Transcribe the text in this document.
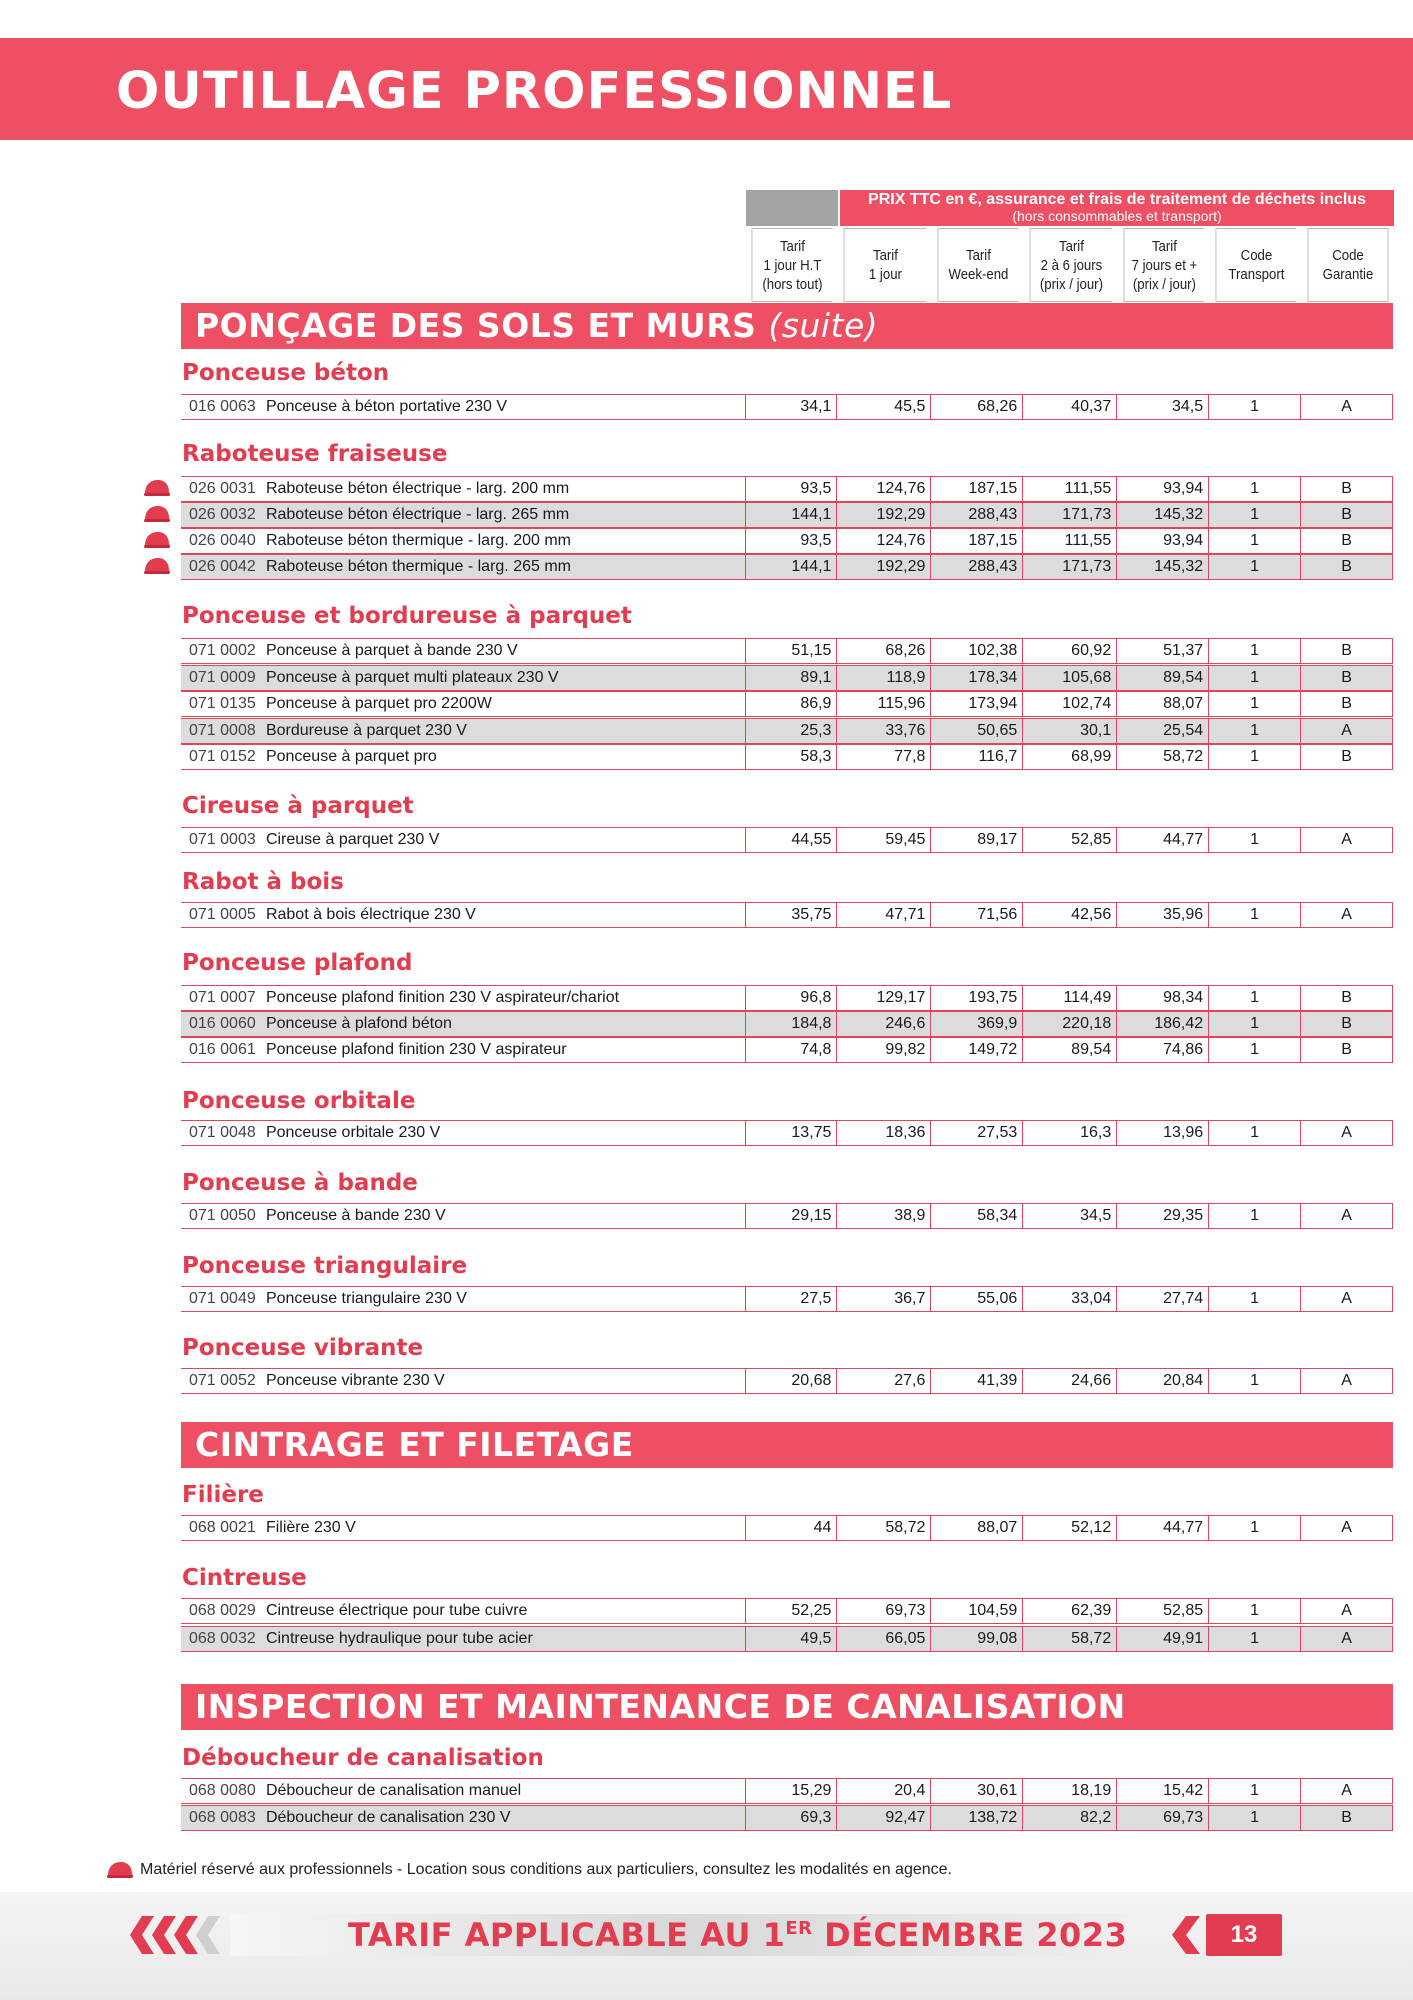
OUTILLAGE PROFESSIONNEL
PRIX TTC en €, assurance et frais de traitement de déchets inclus
(hors consommables et transport)
Tarif
1 jour H.T
(hors tout)
Tarif
1 jour
Tarif
Week-end
Tarif
2 à 6 jours
(prix / jour)
Tarif
7 jours et +
(prix / jour)
Code
Transport
Code
Garantie
PONÇAGE DES SOLS ET MURS (suite)
CINTRAGE ET FILETAGE
INSPECTION ET MAINTENANCE DE CANALISATION
Ponceuse béton
Raboteuse fraiseuse
Ponceuse et bordureuse à parquet
Cireuse à parquet
Rabot à bois
Ponceuse plafond
Ponceuse orbitale
Ponceuse à bande
Ponceuse triangulaire
Ponceuse vibrante
Filière
Cintreuse
Déboucheur de canalisation
016 0063 Ponceuse à béton portative 230 V	34,1	45,5	68,26	40,37	34,5	1	A
026 0031 Raboteuse béton électrique - larg. 200 mm	93,5	124,76	187,15	111,55	93,94	1	B
026 0032 Raboteuse béton électrique - larg. 265 mm	144,1	192,29	288,43	171,73	145,32	1	B
026 0040 Raboteuse béton thermique - larg. 200 mm	93,5	124,76	187,15	111,55	93,94	1	B
026 0042 Raboteuse béton thermique - larg. 265 mm	144,1	192,29	288,43	171,73	145,32	1	B
071 0002 Ponceuse à parquet à bande 230 V	51,15	68,26	102,38	60,92	51,37	1	B
071 0009 Ponceuse à parquet multi plateaux 230 V	89,1	118,9	178,34	105,68	89,54	1	B
071 0135 Ponceuse à parquet pro 2200W	86,9	115,96	173,94	102,74	88,07	1	B
071 0008 Bordureuse à parquet 230 V	25,3	33,76	50,65	30,1	25,54	1	A
071 0152 Ponceuse à parquet pro	58,3	77,8	116,7	68,99	58,72	1	B
071 0003 Cireuse à parquet 230 V	44,55	59,45	89,17	52,85	44,77	1	A
071 0005 Rabot à bois électrique 230 V	35,75	47,71	71,56	42,56	35,96	1	A
071 0007 Ponceuse plafond finition 230 V aspirateur/chariot	96,8	129,17	193,75	114,49	98,34	1	B
016 0060 Ponceuse à plafond béton	184,8	246,6	369,9	220,18	186,42	1	B
016 0061 Ponceuse plafond finition 230 V aspirateur	74,8	99,82	149,72	89,54	74,86	1	B
071 0048 Ponceuse orbitale 230 V	13,75	18,36	27,53	16,3	13,96	1	A
071 0050 Ponceuse à bande 230 V	29,15	38,9	58,34	34,5	29,35	1	A
071 0049 Ponceuse triangulaire 230 V	27,5	36,7	55,06	33,04	27,74	1	A
071 0052 Ponceuse vibrante 230 V	20,68	27,6	41,39	24,66	20,84	1	A
068 0021 Filière 230 V	44	58,72	88,07	52,12	44,77	1	A
068 0029 Cintreuse électrique pour tube cuivre	52,25	69,73	104,59	62,39	52,85	1	A
068 0032 Cintreuse hydraulique pour tube acier	49,5	66,05	99,08	58,72	49,91	1	A
068 0080 Déboucheur de canalisation manuel	15,29	20,4	30,61	18,19	15,42	1	A
068 0083 Déboucheur de canalisation 230 V	69,3	92,47	138,72	82,2	69,73	1	B
Matériel réservé aux professionnels - Location sous conditions aux particuliers, consultez les modalités en agence.
TARIF APPLICABLE AU 1ER DÉCEMBRE 2023	13
